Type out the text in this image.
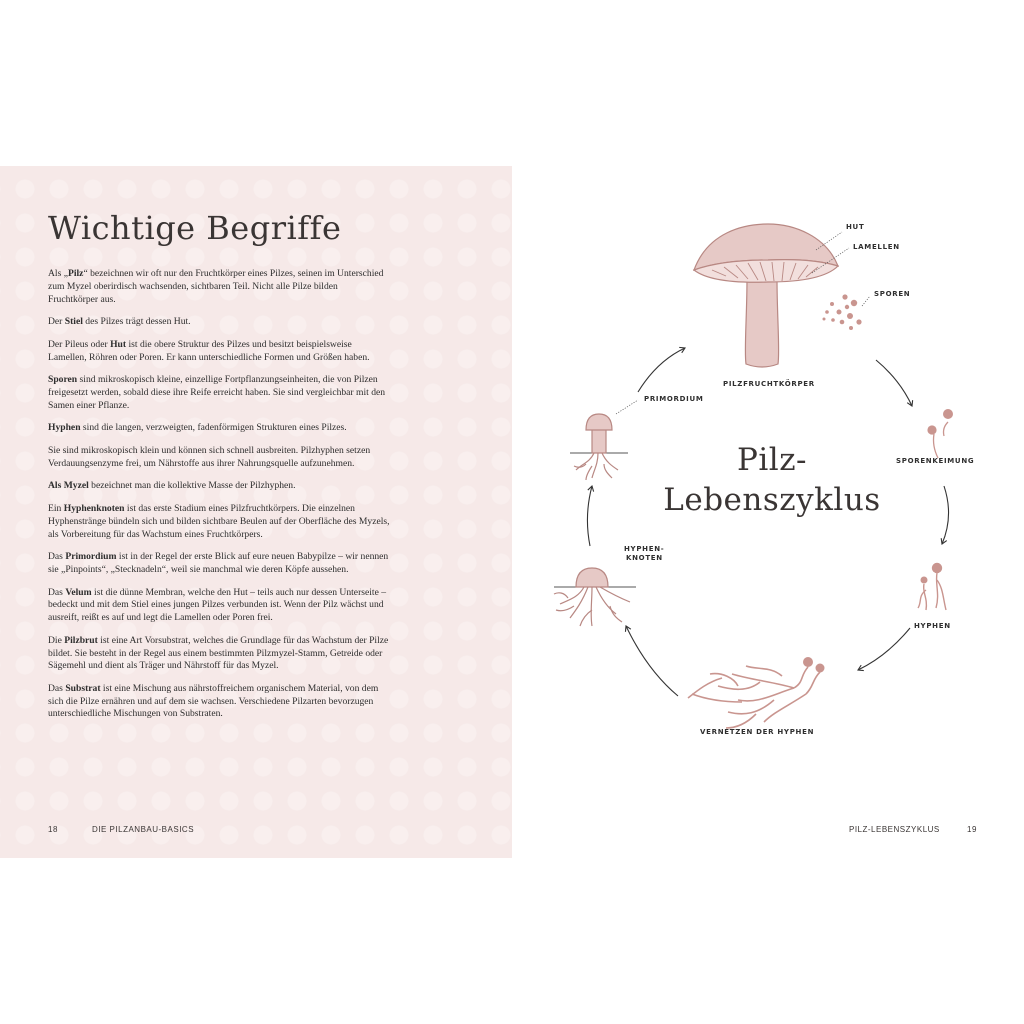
Wichtige Begriffe

Als „Pilz“ bezeichnen wir oft nur den Fruchtkörper eines Pilzes, seinen im Unterschied zum Myzel oberirdisch wachsenden, sichtbaren Teil. Nicht alle Pilze bilden Fruchtkörper aus.

Der Stiel des Pilzes trägt dessen Hut.

Der Pileus oder Hut ist die obere Struktur des Pilzes und besitzt beispielsweise Lamellen, Röhren oder Poren. Er kann unterschiedliche Formen und Größen haben.

Sporen sind mikroskopisch kleine, einzellige Fortpflanzungseinheiten, die von Pilzen freigesetzt werden, sobald diese ihre Reife erreicht haben. Sie sind vergleichbar mit den Samen einer Pflanze.

Hyphen sind die langen, verzweigten, fadenförmigen Strukturen eines Pilzes.

Sie sind mikroskopisch klein und können sich schnell ausbreiten. Pilzhyphen setzen Verdauungsenzyme frei, um Nährstoffe aus ihrer Nahrungsquelle aufzunehmen.

Als Myzel bezeichnet man die kollektive Masse der Pilzhyphen.

Ein Hyphenknoten ist das erste Stadium eines Pilzfruchtkörpers. Die einzelnen Hyphenstränge bündeln sich und bilden sichtbare Beulen auf der Oberfläche des Myzels, als Vorbereitung für das Wachstum eines Fruchtkörpers.

Das Primordium ist in der Regel der erste Blick auf eure neuen Babypilze – wir nennen sie „Pinpoints“, „Stecknadeln“, weil sie manchmal wie deren Köpfe aussehen.

Das Velum ist die dünne Membran, welche den Hut – teils auch nur dessen Unterseite – bedeckt und mit dem Stiel eines jungen Pilzes verbunden ist. Wenn der Pilz wächst und ausreift, reißt es auf und legt die Lamellen oder Poren frei.

Die Pilzbrut ist eine Art Vorsubstrat, welches die Grundlage für das Wachstum der Pilze bildet. Sie besteht in der Regel aus einem bestimmten Pilzmyzel-Stamm, Getreide oder Sägemehl und dient als Träger und Nährstoff für das Myzel.

Das Substrat ist eine Mischung aus nährstoffreichem organischem Material, von dem sich die Pilze ernähren und auf dem sie wachsen. Verschiedene Pilzarten bevorzugen unterschiedliche Mischungen von Substraten.

18	DIE PILZANBAU-BASICS
Pilz-
Lebenszyklus
HUT
LAMELLEN
SPOREN
PILZFRUCHTKÖRPER
SPORENKEIMUNG
HYPHEN
VERNETZEN DER HYPHEN
HYPHEN-
KNOTEN
PRIMORDIUM
PILZ-LEBENSZYKLUS	19
